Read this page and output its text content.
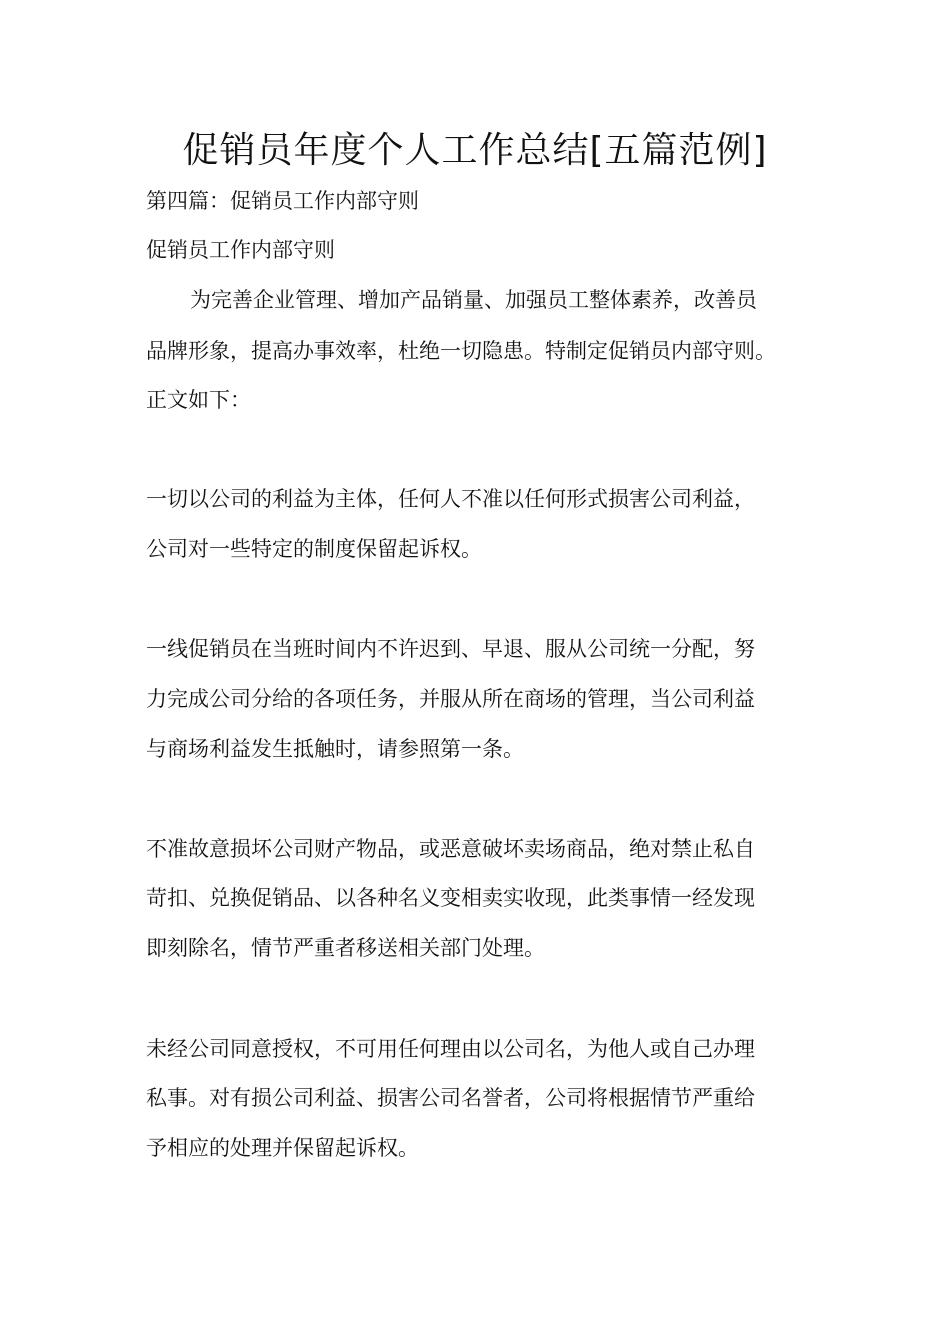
促销员年度个人工作总结[五篇范例]
第四篇：促销员工作内部守则
促销员工作内部守则
为完善企业管理、增加产品销量、加强员工整体素养，改善员
品牌形象，提高办事效率，杜绝一切隐患。特制定促销员内部守则。
正文如下：
一切以公司的利益为主体，任何人不准以任何形式损害公司利益，
公司对一些特定的制度保留起诉权。
一线促销员在当班时间内不许迟到、早退、服从公司统一分配，努
力完成公司分给的各项任务，并服从所在商场的管理，当公司利益
与商场利益发生抵触时，请参照第一条。
不准故意损坏公司财产物品，或恶意破坏卖场商品，绝对禁止私自
苛扣、兑换促销品、以各种名义变相卖实收现，此类事情一经发现
即刻除名，情节严重者移送相关部门处理。
未经公司同意授权，不可用任何理由以公司名，为他人或自己办理
私事。对有损公司利益、损害公司名誉者，公司将根据情节严重给
予相应的处理并保留起诉权。
